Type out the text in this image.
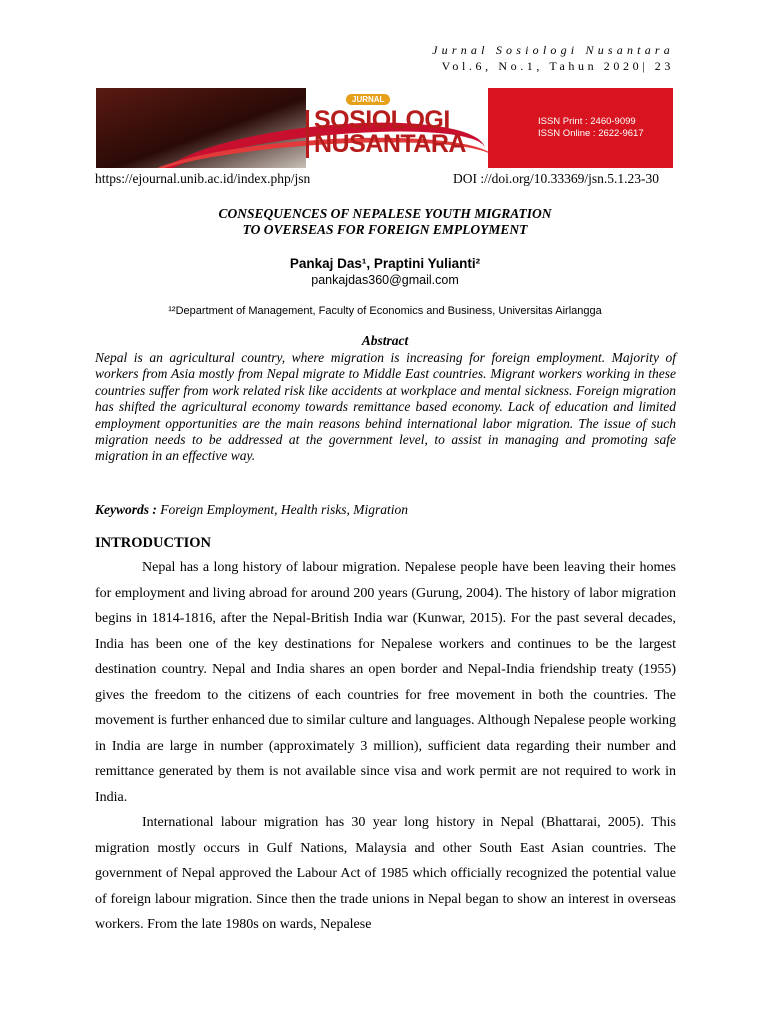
Jurnal Sosiologi Nusantara
Vol.6, No.1, Tahun 2020| 23
JURNAL
SOSIOLOGI
NUSANTARA
ISSN Print : 2460-9099
ISSN Online : 2622-9617
https://ejournal.unib.ac.id/index.php/jsn	DOI ://doi.org/10.33369/jsn.5.1.23-30
CONSEQUENCES OF NEPALESE YOUTH MIGRATION
TO OVERSEAS FOR FOREIGN EMPLOYMENT
Pankaj Das¹, Praptini Yulianti²
pankajdas360@gmail.com
¹²Department of Management, Faculty of Economics and Business, Universitas Airlangga
Abstract
Nepal is an agricultural country, where migration is increasing for foreign employment. Majority of workers from Asia mostly from Nepal migrate to Middle East countries. Migrant workers working in these countries suffer from work related risk like accidents at workplace and mental sickness. Foreign migration has shifted the agricultural economy towards remittance based economy. Lack of education and limited employment opportunities are the main reasons behind international labor migration. The issue of such migration needs to be addressed at the government level, to assist in managing and promoting safe migration in an effective way.
Keywords : Foreign Employment, Health risks, Migration
INTRODUCTION

Nepal has a long history of labour migration. Nepalese people have been leaving their homes for employment and living abroad for around 200 years (Gurung, 2004). The history of labor migration begins in 1814-1816, after the Nepal-British India war (Kunwar, 2015). For the past several decades, India has been one of the key destinations for Nepalese workers and continues to be the largest destination country. Nepal and India shares an open border and Nepal-India friendship treaty (1955) gives the freedom to the citizens of each countries for free movement in both the countries. The movement is further enhanced due to similar culture and languages. Although Nepalese people working in India are large in number (approximately 3 million), sufficient data regarding their number and remittance generated by them is not available since visa and work permit are not required to work in India.

International labour migration has 30 year long history in Nepal (Bhattarai, 2005). This migration mostly occurs in Gulf Nations, Malaysia and other South East Asian countries. The government of Nepal approved the Labour Act of 1985 which officially recognized the potential value of foreign labour migration. Since then the trade unions in Nepal began to show an interest in overseas workers. From the late 1980s on wards, Nepalese
